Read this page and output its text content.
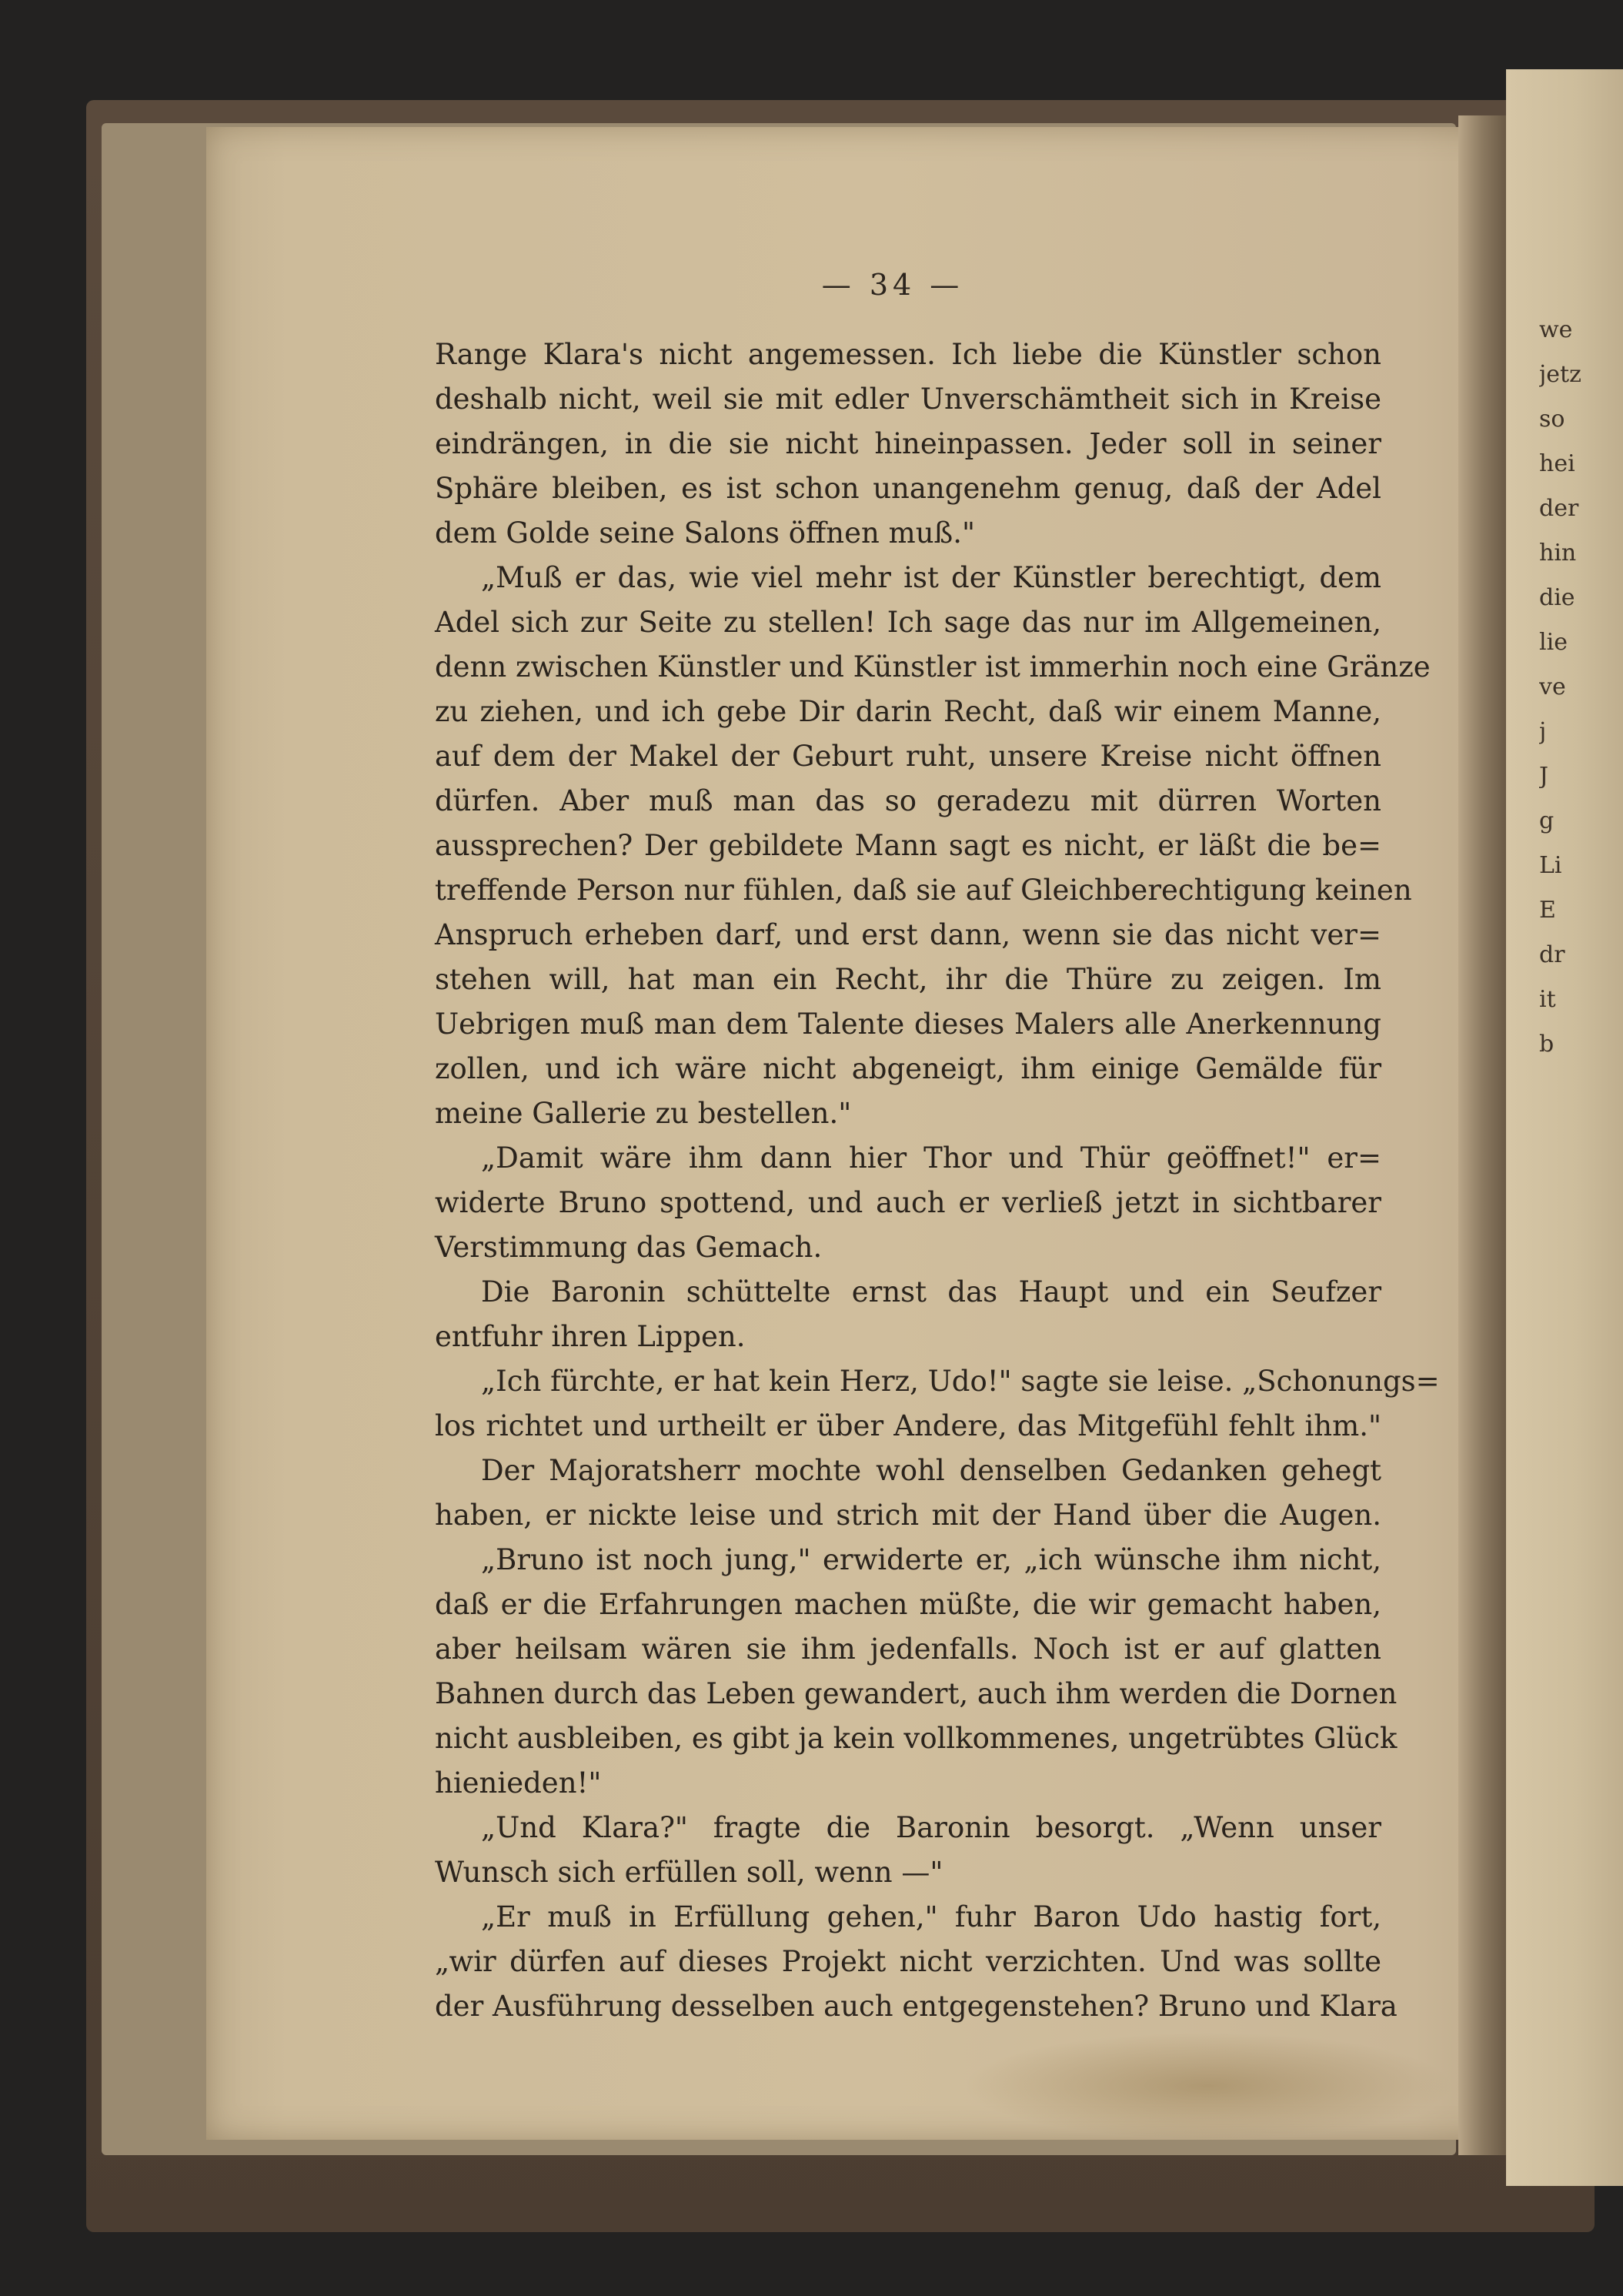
we
jetz
so
hei
der
hin
die
lie
ve
j
J
g
Li
E
dr
it
b
— 34 —
Range Klara's nicht angemessen. Ich liebe die Künstler schon
deshalb nicht, weil sie mit edler Unverschämtheit sich in Kreise
eindrängen, in die sie nicht hineinpassen. Jeder soll in seiner
Sphäre bleiben, es ist schon unangenehm genug, daß der Adel
dem Golde seine Salons öffnen muß."
„Muß er das, wie viel mehr ist der Künstler berechtigt, dem
Adel sich zur Seite zu stellen! Ich sage das nur im Allgemeinen,
denn zwischen Künstler und Künstler ist immerhin noch eine Gränze
zu ziehen, und ich gebe Dir darin Recht, daß wir einem Manne,
auf dem der Makel der Geburt ruht, unsere Kreise nicht öffnen
dürfen. Aber muß man das so geradezu mit dürren Worten
aussprechen? Der gebildete Mann sagt es nicht, er läßt die be=
treffende Person nur fühlen, daß sie auf Gleichberechtigung keinen
Anspruch erheben darf, und erst dann, wenn sie das nicht ver=
stehen will, hat man ein Recht, ihr die Thüre zu zeigen. Im
Uebrigen muß man dem Talente dieses Malers alle Anerkennung
zollen, und ich wäre nicht abgeneigt, ihm einige Gemälde für
meine Gallerie zu bestellen."
„Damit wäre ihm dann hier Thor und Thür geöffnet!" er=
widerte Bruno spottend, und auch er verließ jetzt in sichtbarer
Verstimmung das Gemach.
Die Baronin schüttelte ernst das Haupt und ein Seufzer
entfuhr ihren Lippen.
„Ich fürchte, er hat kein Herz, Udo!" sagte sie leise. „Schonungs=
los richtet und urtheilt er über Andere, das Mitgefühl fehlt ihm."
Der Majoratsherr mochte wohl denselben Gedanken gehegt
haben, er nickte leise und strich mit der Hand über die Augen.
„Bruno ist noch jung," erwiderte er, „ich wünsche ihm nicht,
daß er die Erfahrungen machen müßte, die wir gemacht haben,
aber heilsam wären sie ihm jedenfalls. Noch ist er auf glatten
Bahnen durch das Leben gewandert, auch ihm werden die Dornen
nicht ausbleiben, es gibt ja kein vollkommenes, ungetrübtes Glück
hienieden!"
„Und Klara?" fragte die Baronin besorgt. „Wenn unser
Wunsch sich erfüllen soll, wenn —"
„Er muß in Erfüllung gehen," fuhr Baron Udo hastig fort,
„wir dürfen auf dieses Projekt nicht verzichten. Und was sollte
der Ausführung desselben auch entgegenstehen? Bruno und Klara
